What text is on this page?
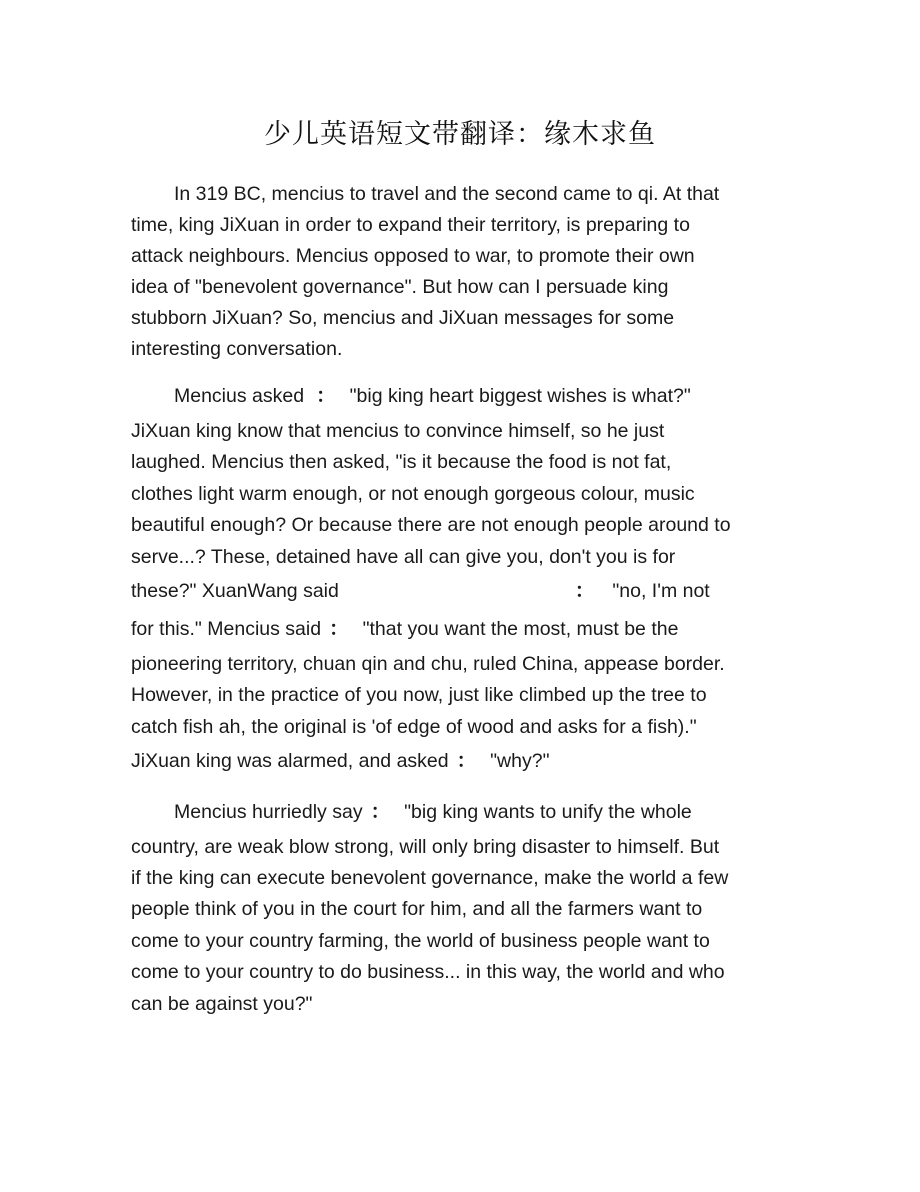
少儿英语短文带翻译：缘木求鱼

In 319 BC, mencius to travel and the second came to qi. At that

time, king JiXuan in order to expand their territory, is preparing to

attack neighbours. Mencius opposed to war, to promote their own

idea of "benevolent governance". But how can I persuade king

stubborn JiXuan? So, mencius and JiXuan messages for some

interesting conversation.

Mencius asked ： "big king heart biggest wishes is what?"

JiXuan king know that mencius to convince himself, so he just

laughed. Mencius then asked, "is it because the food is not fat,

clothes light warm enough, or not enough gorgeous colour, music

beautiful enough? Or because there are not enough people around to

serve...? These, detained have all can give you, don't you is for

these?" XuanWang said	： "no, I'm not

for this." Mencius said ： "that you want the most, must be the

pioneering territory, chuan qin and chu, ruled China, appease border.

However, in the practice of you now, just like climbed up the tree to

catch fish ah, the original is 'of edge of wood and asks for a fish)."

JiXuan king was alarmed, and asked ： "why?"

Mencius hurriedly say ： "big king wants to unify the whole

country, are weak blow strong, will only bring disaster to himself. But

if the king can execute benevolent governance, make the world a few

people think of you in the court for him, and all the farmers want to

come to your country farming, the world of business people want to

come to your country to do business... in this way, the world and who

can be against you?"
